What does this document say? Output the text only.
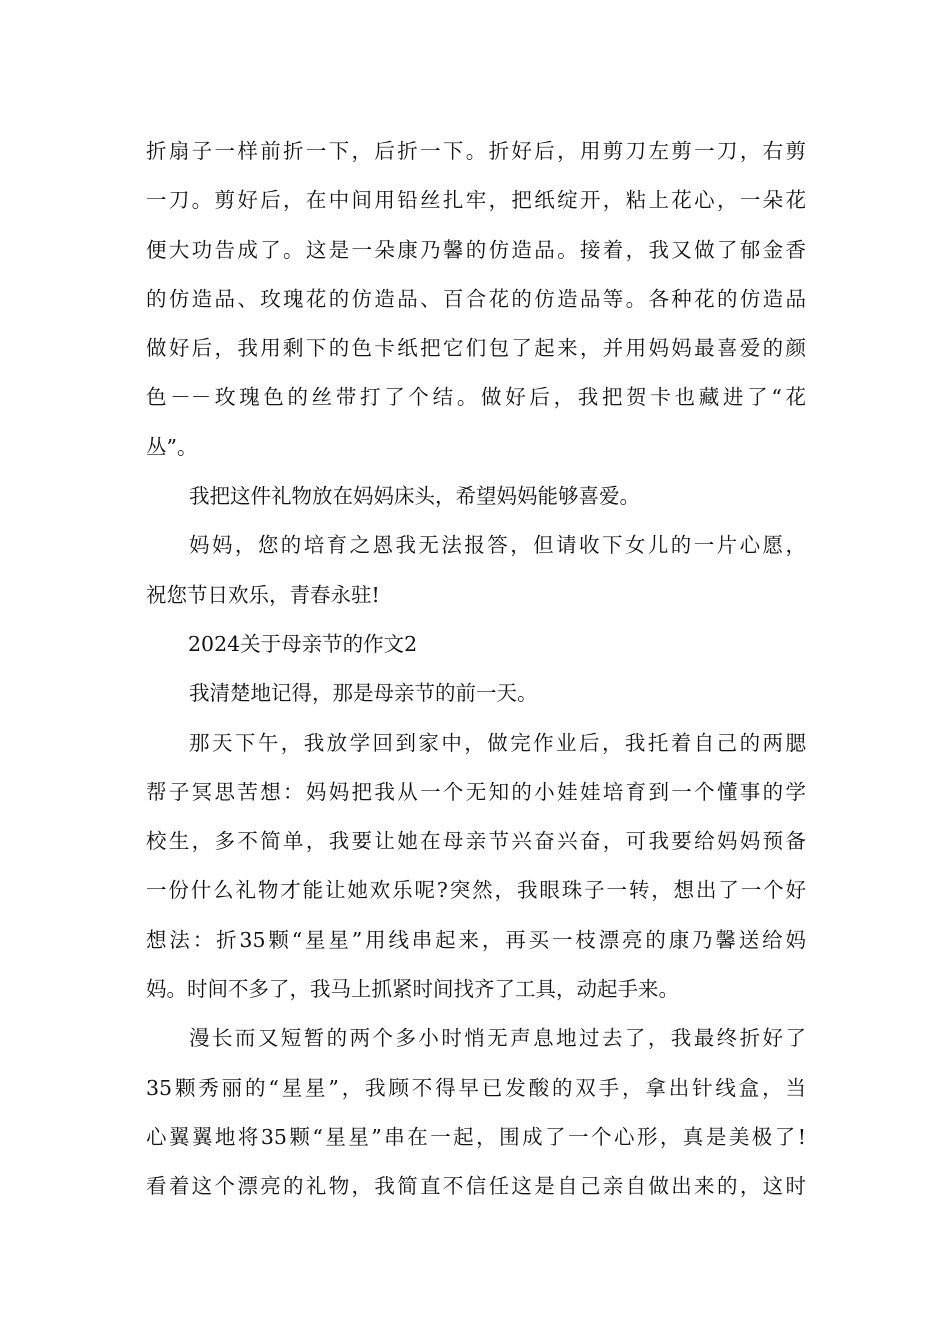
折扇子一样前折一下，后折一下。折好后，用剪刀左剪一刀，右剪
一刀。剪好后，在中间用铅丝扎牢，把纸绽开，粘上花心，一朵花
便大功告成了。这是一朵康乃馨的仿造品。接着，我又做了郁金香
的仿造品、玫瑰花的仿造品、百合花的仿造品等。各种花的仿造品
做好后，我用剩下的色卡纸把它们包了起来，并用妈妈最喜爱的颜
色－－玫瑰色的丝带打了个结。做好后，我把贺卡也藏进了“花
丛”。
我把这件礼物放在妈妈床头，希望妈妈能够喜爱。
妈妈，您的培育之恩我无法报答，但请收下女儿的一片心愿，
祝您节日欢乐，青春永驻!
2024关于母亲节的作文2
我清楚地记得，那是母亲节的前一天。
那天下午，我放学回到家中，做完作业后，我托着自己的两腮
帮子冥思苦想：妈妈把我从一个无知的小娃娃培育到一个懂事的学
校生，多不简单，我要让她在母亲节兴奋兴奋，可我要给妈妈预备
一份什么礼物才能让她欢乐呢?突然，我眼珠子一转，想出了一个好
想法：折35颗“星星”用线串起来，再买一枝漂亮的康乃馨送给妈
妈。时间不多了，我马上抓紧时间找齐了工具，动起手来。
漫长而又短暂的两个多小时悄无声息地过去了，我最终折好了
35颗秀丽的“星星”，我顾不得早已发酸的双手，拿出针线盒，当
心翼翼地将35颗“星星”串在一起，围成了一个心形，真是美极了!
看着这个漂亮的礼物，我简直不信任这是自己亲自做出来的，这时
